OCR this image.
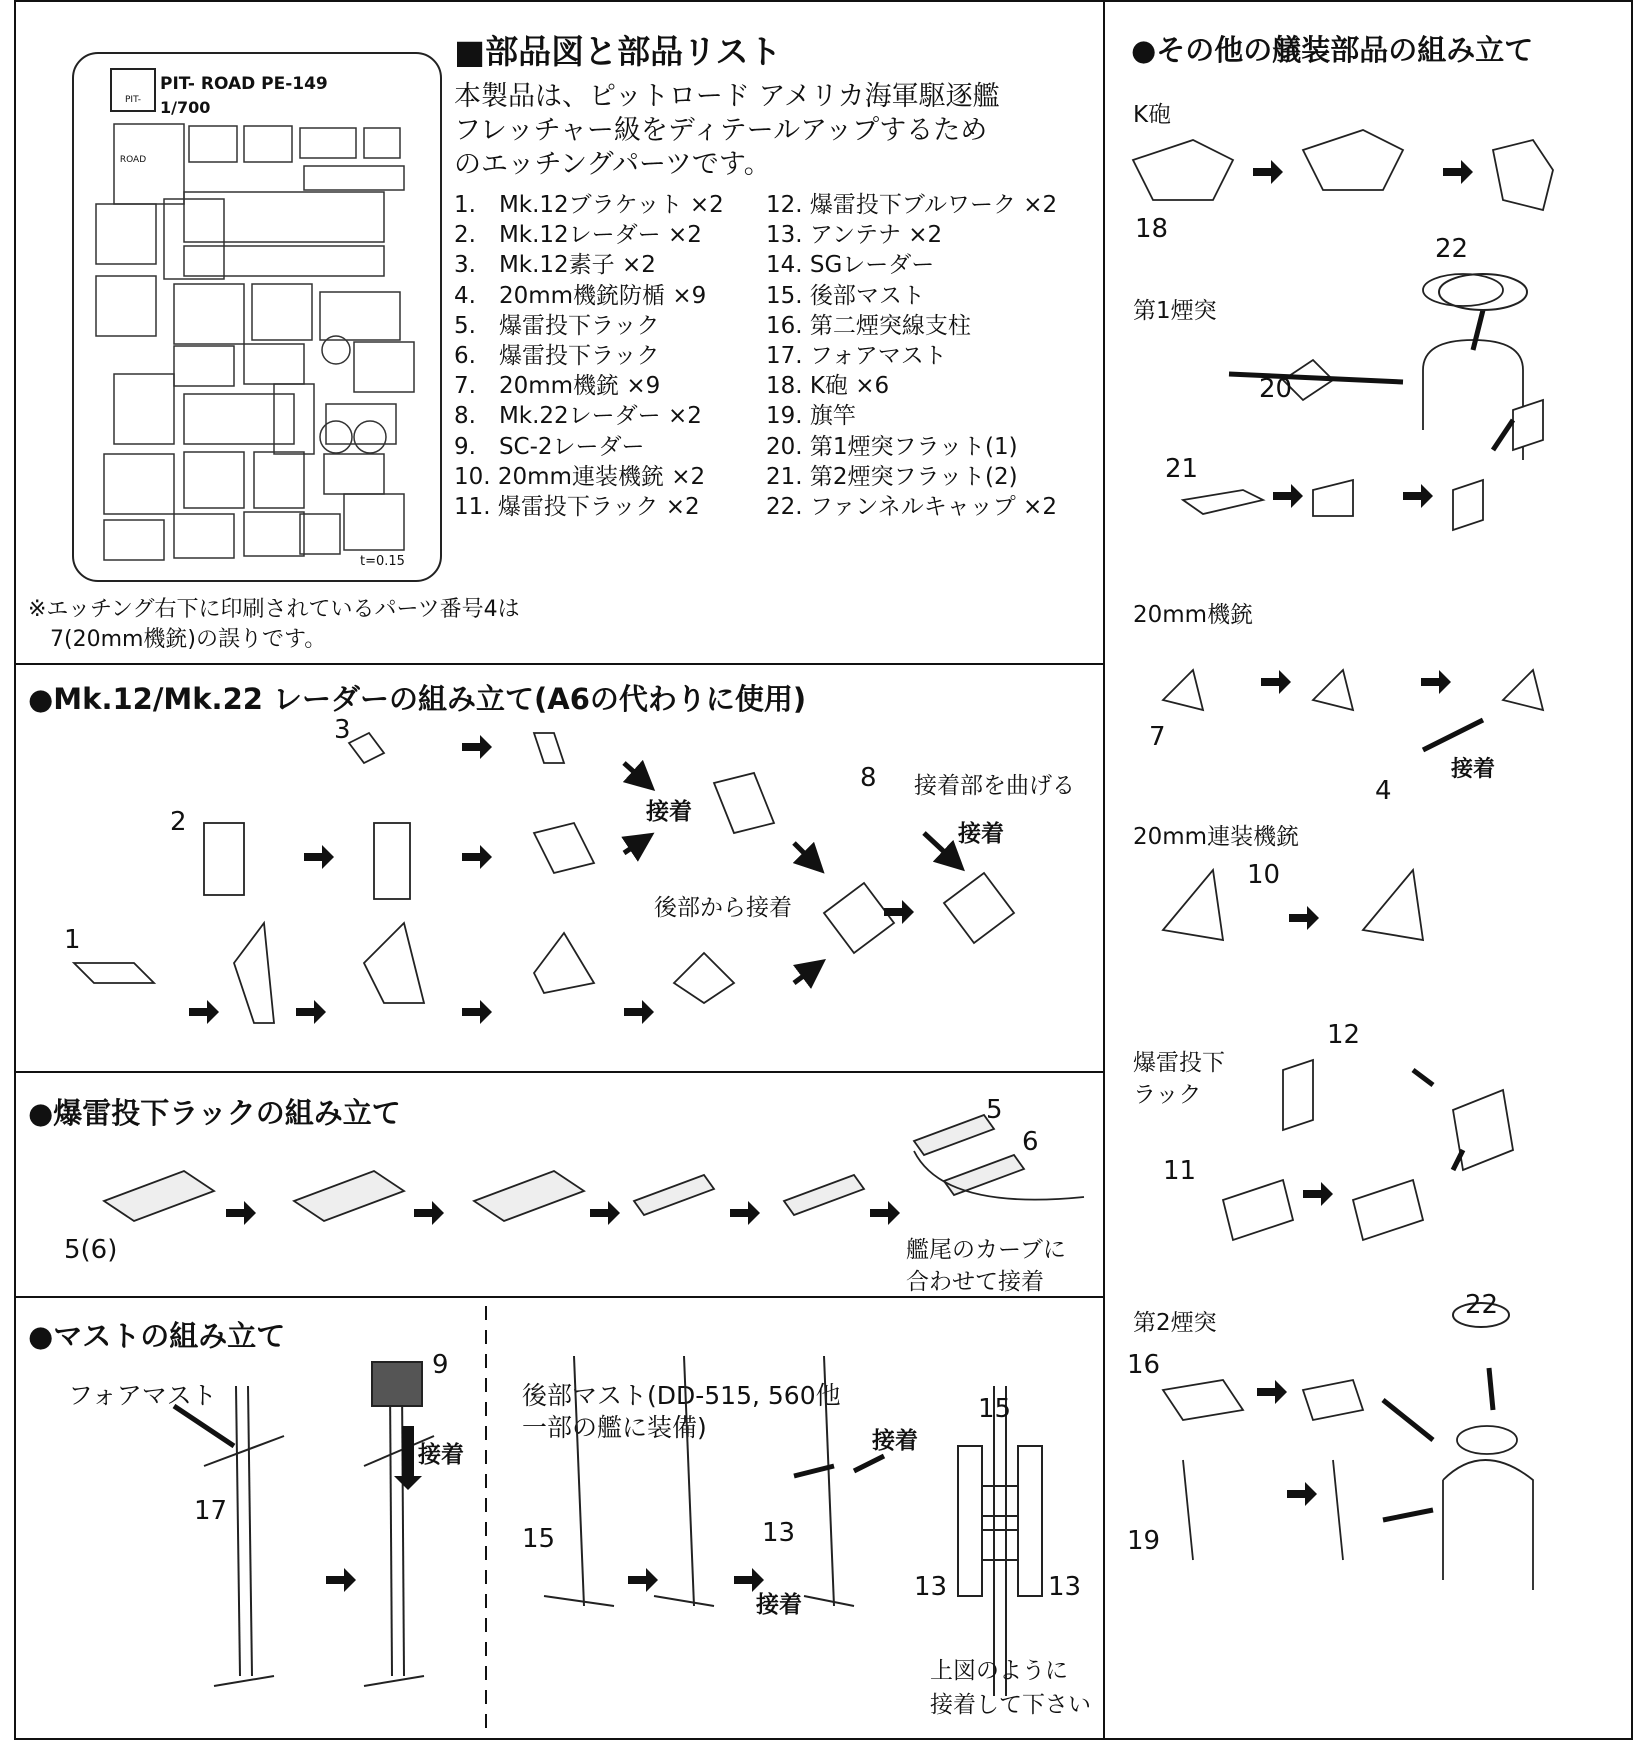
PIT-ROAD
PIT- ROAD PE-149
1/700
t=0.15
■部品図と部品リスト
本製品は、ピットロード アメリカ海軍駆逐艦
フレッチャー級をディテールアップするため
のエッチングパーツです。
1.　Mk.12ブラケット ×2
2.　Mk.12レーダー ×2
3.　Mk.12素子 ×2
4.　20mm機銃防楯 ×9
5.　爆雷投下ラック
6.　爆雷投下ラック
7.　20mm機銃 ×9
8.　Mk.22レーダー ×2
9.　SC-2レーダー
10. 20mm連装機銃 ×2
11. 爆雷投下ラック ×2
12. 爆雷投下ブルワーク ×2
13. アンテナ ×2
14. SGレーダー
15. 後部マスト
16. 第二煙突線支柱
17. フォアマスト
18. K砲 ×6
19. 旗竿
20. 第1煙突フラット(1)
21. 第2煙突フラット(2)
22. ファンネルキャップ ×2
※エッチング右下に印刷されているパーツ番号4は
　7(20mm機銃)の誤りです。
●Mk.12/Mk.22 レーダーの組み立て(A6の代わりに使用)
3
2
1
8
接着
接着
接着部を曲げる
後部から接着
●爆雷投下ラックの組み立て
5(6)
5
6
艦尾のカーブに
合わせて接着
●マストの組み立て
フォアマスト	後部マスト(DD-515, 560他
一部の艦に装備)
9
17
接着
15	13
接着
接着
15
13	13
上図のように
接着して下さい
●その他の艤装部品の組み立て
K砲
18
第1煙突
22
20
21
20mm機銃
7
4
接着
20mm連装機銃
10
爆雷投下
ラック
12
11
第2煙突
22
16
19
